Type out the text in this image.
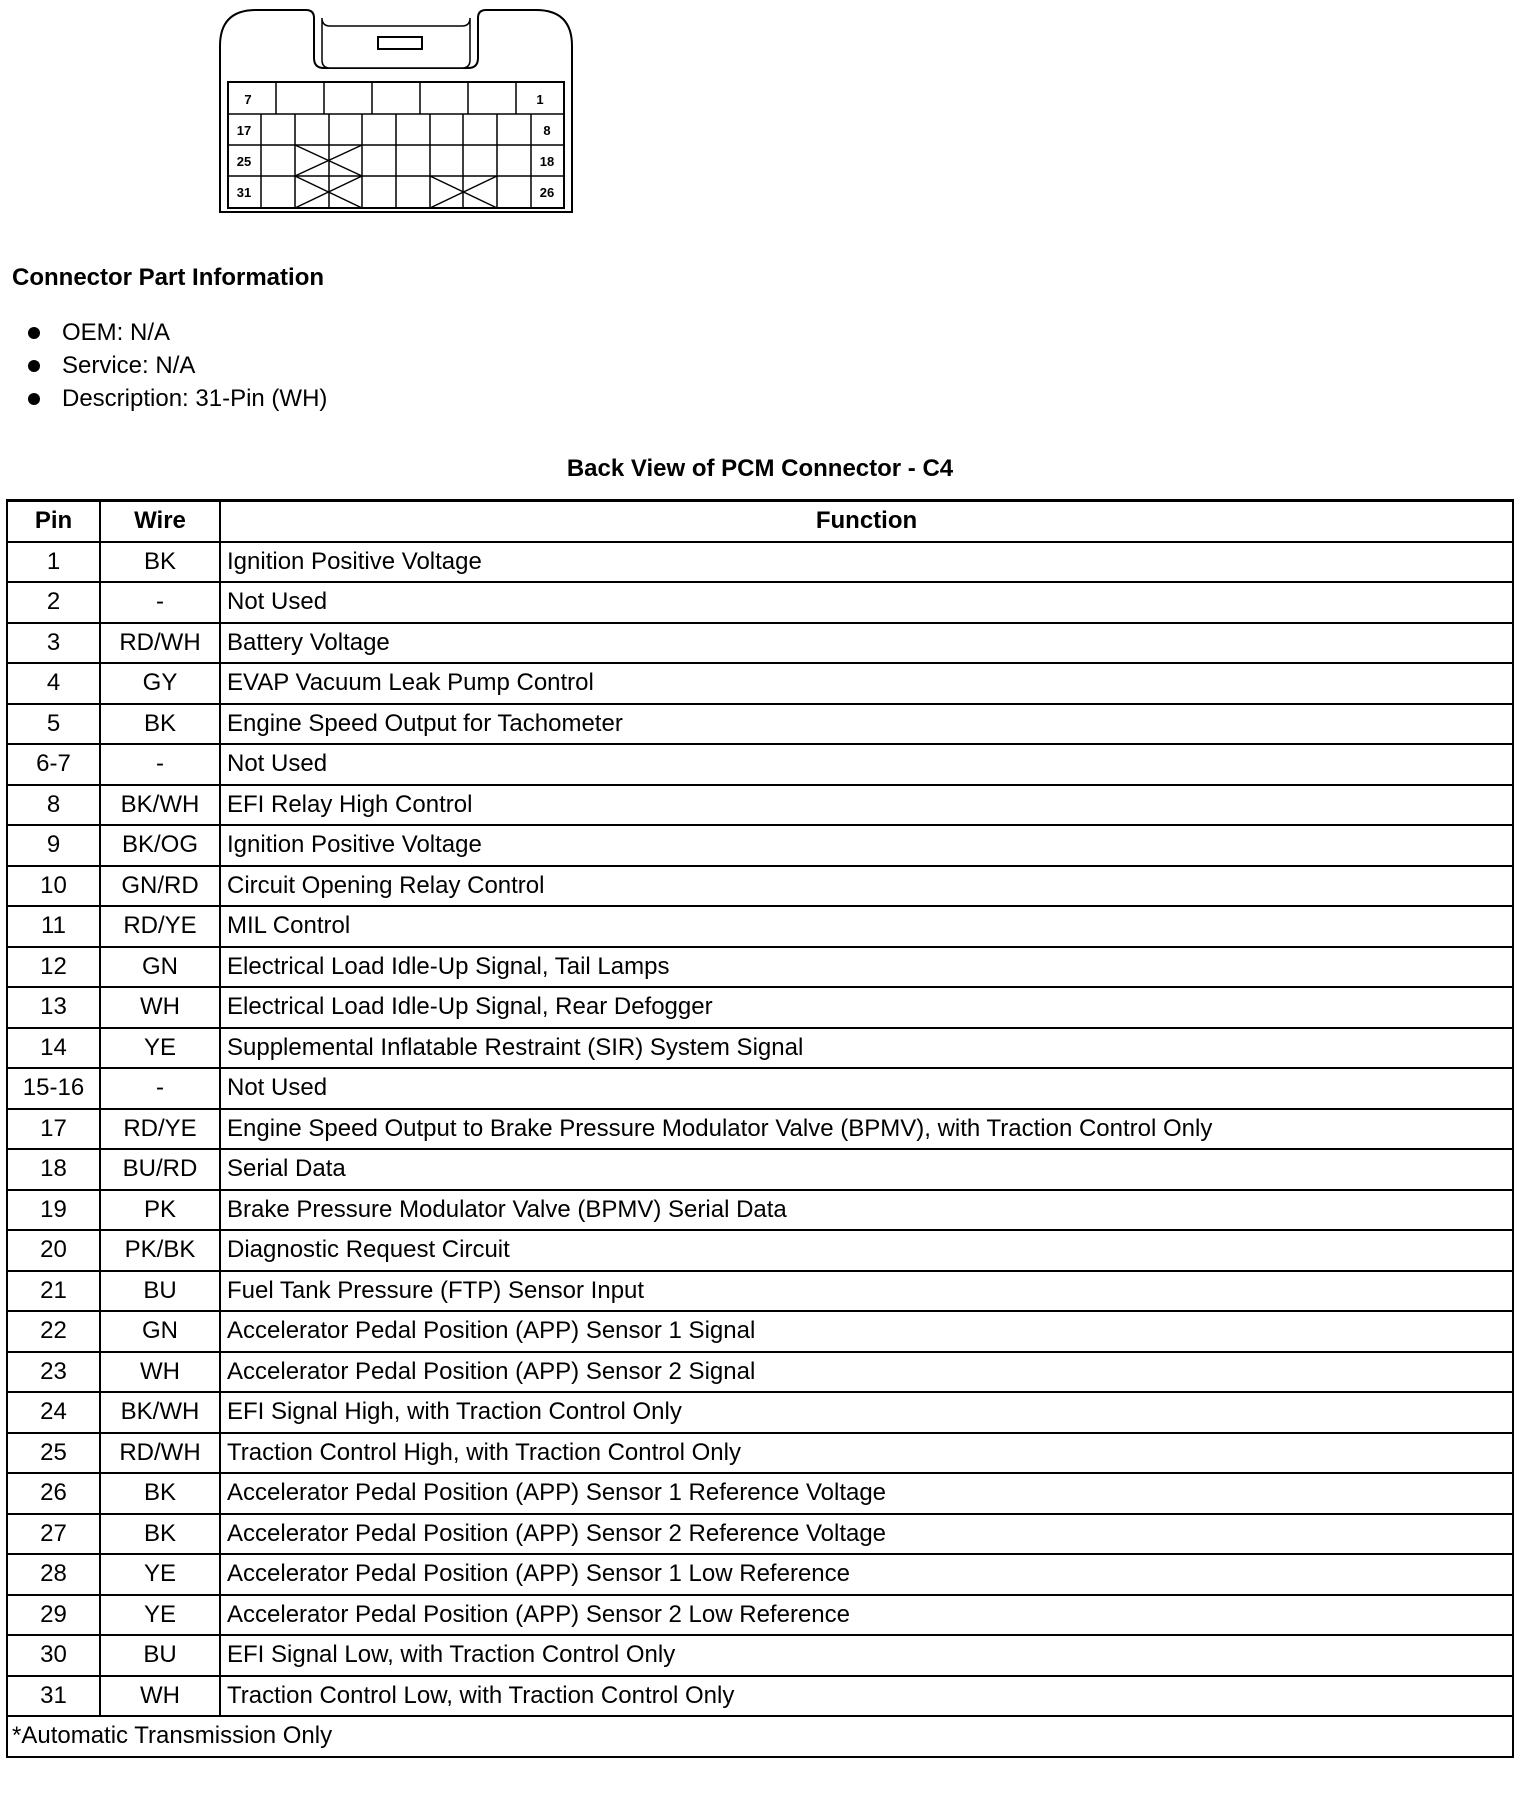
7	1
17	8
25	18
31	26
Connector Part Information
OEM: N/A
Service: N/A
Description: 31-Pin (WH)
Back View of PCM Connector - C4
Pin	Wire	Function
1	BK	Ignition Positive Voltage
2	-	Not Used
3	RD/WH	Battery Voltage
4	GY	EVAP Vacuum Leak Pump Control
5	BK	Engine Speed Output for Tachometer
6-7	-	Not Used
8	BK/WH	EFI Relay High Control
9	BK/OG	Ignition Positive Voltage
10	GN/RD	Circuit Opening Relay Control
11	RD/YE	MIL Control
12	GN	Electrical Load Idle-Up Signal, Tail Lamps
13	WH	Electrical Load Idle-Up Signal, Rear Defogger
14	YE	Supplemental Inflatable Restraint (SIR) System Signal
15-16	-	Not Used
17	RD/YE	Engine Speed Output to Brake Pressure Modulator Valve (BPMV), with Traction Control Only
18	BU/RD	Serial Data
19	PK	Brake Pressure Modulator Valve (BPMV) Serial Data
20	PK/BK	Diagnostic Request Circuit
21	BU	Fuel Tank Pressure (FTP) Sensor Input
22	GN	Accelerator Pedal Position (APP) Sensor 1 Signal
23	WH	Accelerator Pedal Position (APP) Sensor 2 Signal
24	BK/WH	EFI Signal High, with Traction Control Only
25	RD/WH	Traction Control High, with Traction Control Only
26	BK	Accelerator Pedal Position (APP) Sensor 1 Reference Voltage
27	BK	Accelerator Pedal Position (APP) Sensor 2 Reference Voltage
28	YE	Accelerator Pedal Position (APP) Sensor 1 Low Reference
29	YE	Accelerator Pedal Position (APP) Sensor 2 Low Reference
30	BU	EFI Signal Low, with Traction Control Only
31	WH	Traction Control Low, with Traction Control Only
*Automatic Transmission Only		
